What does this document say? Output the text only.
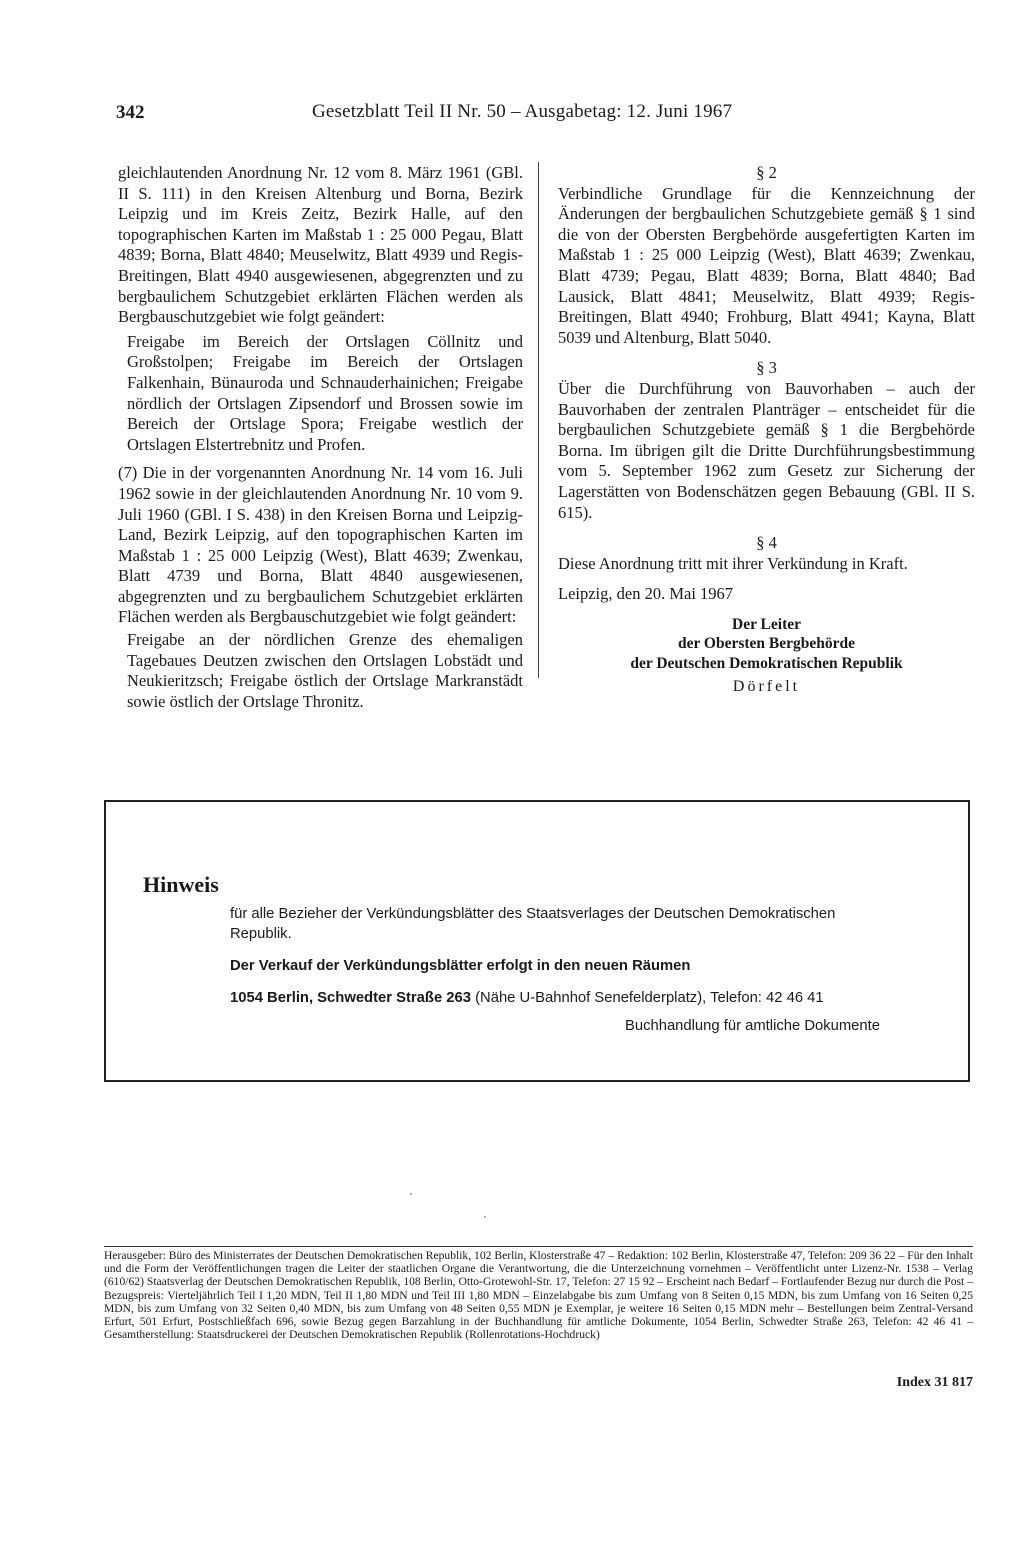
342	Gesetzblatt Teil II Nr. 50 – Ausgabetag: 12. Juni 1967

gleichlautenden Anordnung Nr. 12 vom 8. März 1961 (GBl. II S. 111) in den Kreisen Altenburg und Borna, Bezirk Leipzig und im Kreis Zeitz, Bezirk Halle, auf den topographischen Karten im Maßstab 1 : 25 000 Pegau, Blatt 4839; Borna, Blatt 4840; Meuselwitz, Blatt 4939 und Regis-Breitingen, Blatt 4940 ausgewiesenen, abgegrenzten und zu bergbaulichem Schutzgebiet erklärten Flächen werden als Bergbauschutzgebiet wie folgt geändert:

Freigabe im Bereich der Ortslagen Cöllnitz und Großstolpen; Freigabe im Bereich der Ortslagen Falkenhain, Bünauroda und Schnauderhainichen; Freigabe nördlich der Ortslagen Zipsendorf und Brossen sowie im Bereich der Ortslage Spora; Freigabe westlich der Ortslagen Elstertrebnitz und Profen.

(7) Die in der vorgenannten Anordnung Nr. 14 vom 16. Juli 1962 sowie in der gleichlautenden Anordnung Nr. 10 vom 9. Juli 1960 (GBl. I S. 438) in den Kreisen Borna und Leipzig-Land, Bezirk Leipzig, auf den topographischen Karten im Maßstab 1 : 25 000 Leipzig (West), Blatt 4639; Zwenkau, Blatt 4739 und Borna, Blatt 4840 ausgewiesenen, abgegrenzten und zu bergbaulichem Schutzgebiet erklärten Flächen werden als Bergbauschutzgebiet wie folgt geändert:

Freigabe an der nördlichen Grenze des ehemaligen Tagebaues Deutzen zwischen den Ortslagen Lobstädt und Neukieritzsch; Freigabe östlich der Ortslage Markranstädt sowie östlich der Ortslage Thronitz.

§ 2

Verbindliche Grundlage für die Kennzeichnung der Änderungen der bergbaulichen Schutzgebiete gemäß § 1 sind die von der Obersten Bergbehörde ausgefertigten Karten im Maßstab 1 : 25 000 Leipzig (West), Blatt 4639; Zwenkau, Blatt 4739; Pegau, Blatt 4839; Borna, Blatt 4840; Bad Lausick, Blatt 4841; Meuselwitz, Blatt 4939; Regis-Breitingen, Blatt 4940; Frohburg, Blatt 4941; Kayna, Blatt 5039 und Altenburg, Blatt 5040.

§ 3

Über die Durchführung von Bauvorhaben – auch der Bauvorhaben der zentralen Planträger – entscheidet für die bergbaulichen Schutzgebiete gemäß § 1 die Bergbehörde Borna. Im übrigen gilt die Dritte Durchführungsbestimmung vom 5. September 1962 zum Gesetz zur Sicherung der Lagerstätten von Bodenschätzen gegen Bebauung (GBl. II S. 615).

§ 4

Diese Anordnung tritt mit ihrer Verkündung in Kraft.

Leipzig, den 20. Mai 1967

Der Leiter
der Obersten Bergbehörde
der Deutschen Demokratischen Republik
Dörfelt
Hinweis

für alle Bezieher der Verkündungsblätter des Staatsverlages der Deutschen Demokratischen Republik.

Der Verkauf der Verkündungsblätter erfolgt in den neuen Räumen

1054 Berlin, Schwedter Straße 263 (Nähe U-Bahnhof Senefelderplatz), Telefon: 42 46 41

Buchhandlung für amtliche Dokumente

Herausgeber: Büro des Ministerrates der Deutschen Demokratischen Republik, 102 Berlin, Klosterstraße 47 – Redaktion: 102 Berlin, Klosterstraße 47, Telefon: 209 36 22 – Für den Inhalt und die Form der Veröffentlichungen tragen die Leiter der staatlichen Organe die Verantwortung, die die Unterzeichnung vornehmen – Veröffentlicht unter Lizenz-Nr. 1538 – Verlag (610/62) Staatsverlag der Deutschen Demokratischen Republik, 108 Berlin, Otto-Grotewohl-Str. 17, Telefon: 27 15 92 – Erscheint nach Bedarf – Fortlaufender Bezug nur durch die Post – Bezugspreis: Vierteljährlich Teil I 1,20 MDN, Teil II 1,80 MDN und Teil III 1,80 MDN – Einzelabgabe bis zum Umfang von 8 Seiten 0,15 MDN, bis zum Umfang von 16 Seiten 0,25 MDN, bis zum Umfang von 32 Seiten 0,40 MDN, bis zum Umfang von 48 Seiten 0,55 MDN je Exemplar, je weitere 16 Seiten 0,15 MDN mehr – Bestellungen beim Zentral-Versand Erfurt, 501 Erfurt, Postschließfach 696, sowie Bezug gegen Barzahlung in der Buchhandlung für amtliche Dokumente, 1054 Berlin, Schwedter Straße 263, Telefon: 42 46 41 – Gesamtherstellung: Staatsdruckerei der Deutschen Demokratischen Republik (Rollenrotations-Hochdruck)

Index 31 817
